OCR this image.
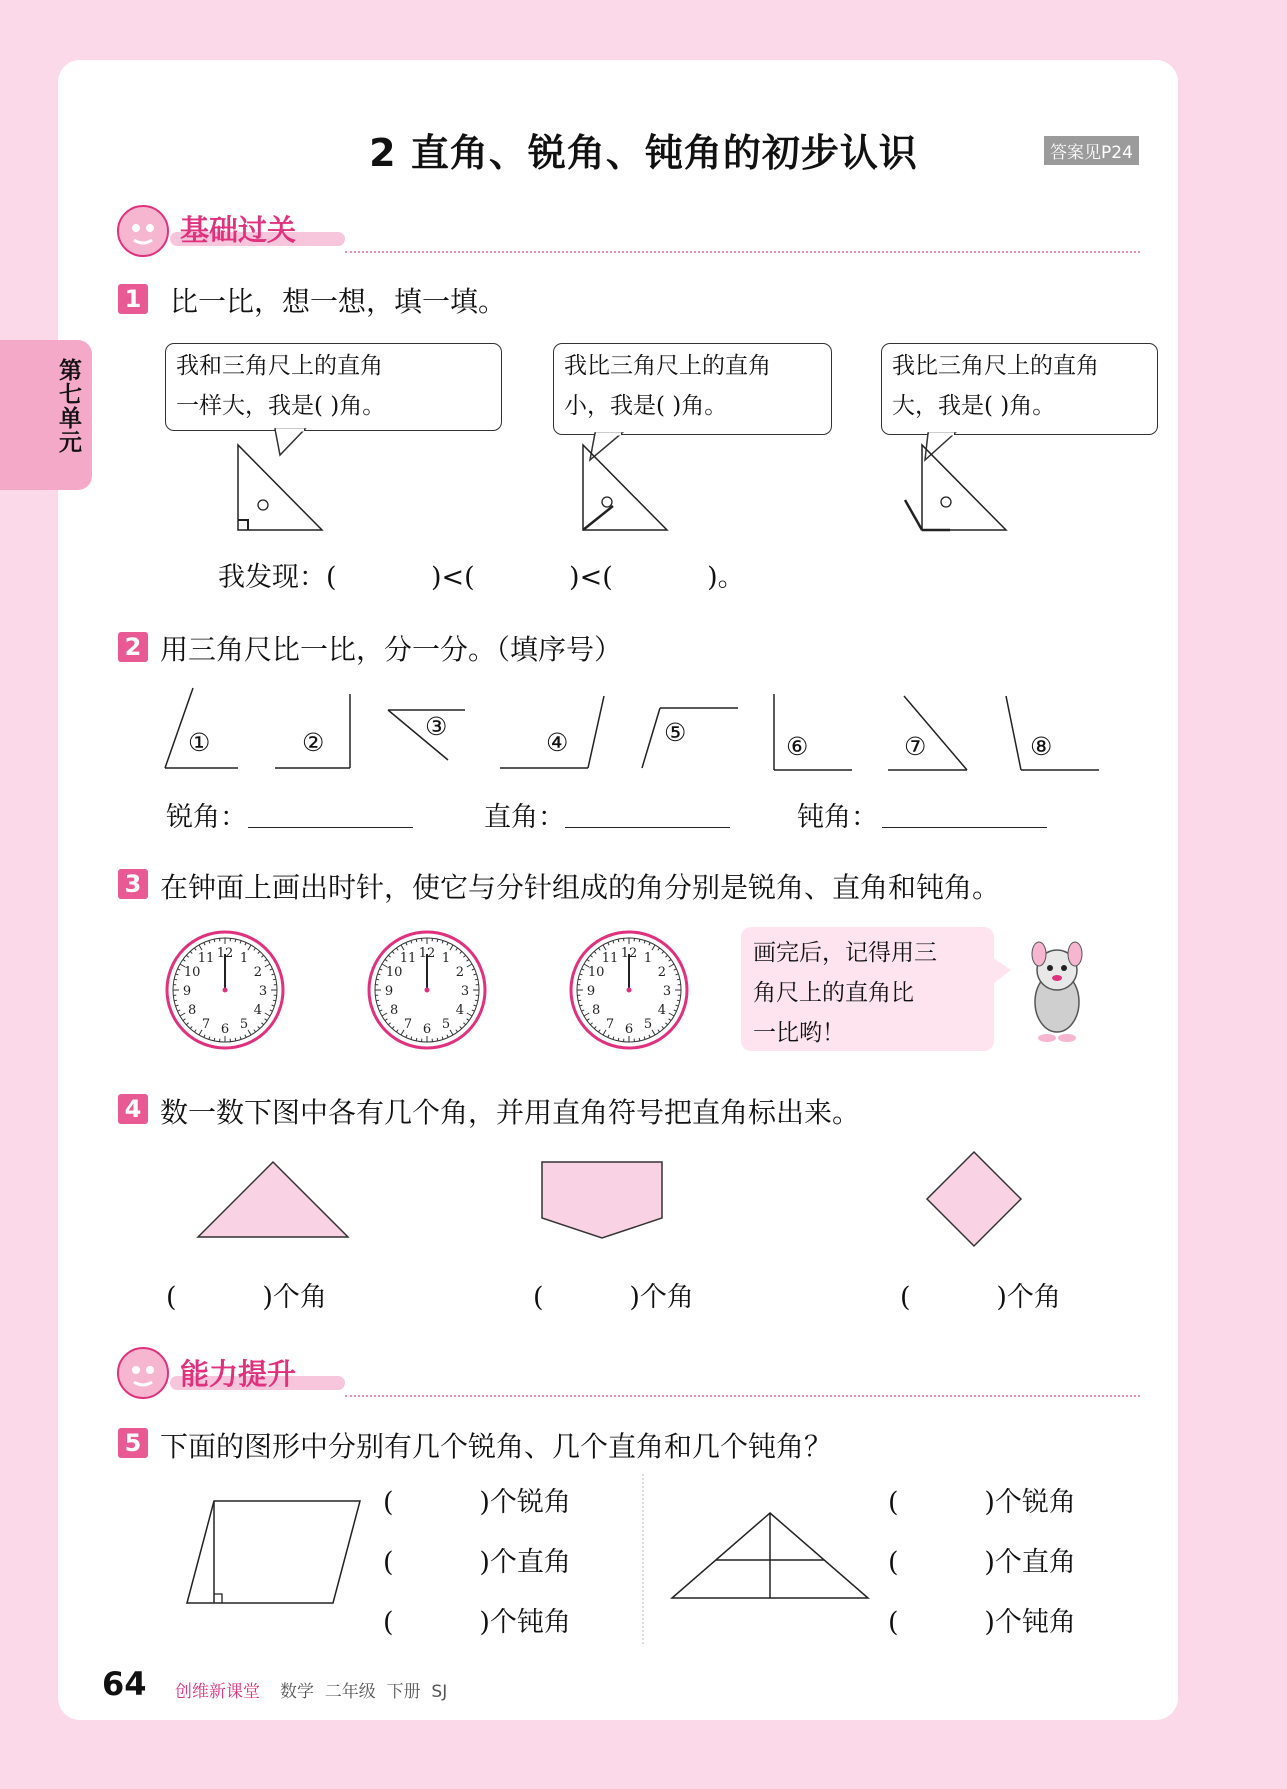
2 直角、锐角、钝角的初步认识	答案见P24
第七单元
基础过关
1 比一比，想一想，填一填。
我和三角尺上的直角
一样大，我是( )角。
我比三角尺上的直角
小，我是( )角。
我比三角尺上的直角
大，我是( )角。
我发现：(           )<(           )<(           )。
2 用三角尺比一比，分一分。（填序号）
①	②
③
④	⑤	⑥	⑦	⑧
锐角：	直角：	钝角：
3 在钟面上画出时针，使它与分针组成的角分别是锐角、直角和钝角。
12 1
2
3
4
5
6
7
8
9
10
11	12 1
2
3
4
5
6
7
8
9
10
11	12 1
2
3
4
5
6
7
8
9
10
11	画完后，记得用三
角尺上的直角比
一比哟！
4 数一数下图中各有几个角，并用直角符号把直角标出来。
(          )个角	(          )个角	(          )个角
能力提升
5 下面的图形中分别有几个锐角、几个直角和几个钝角？
(          )个锐角
(          )个直角
(          )个钝角
(          )个锐角
(          )个直角
(          )个钝角
64 创维新课堂 数学  二年级  下册  SJ
